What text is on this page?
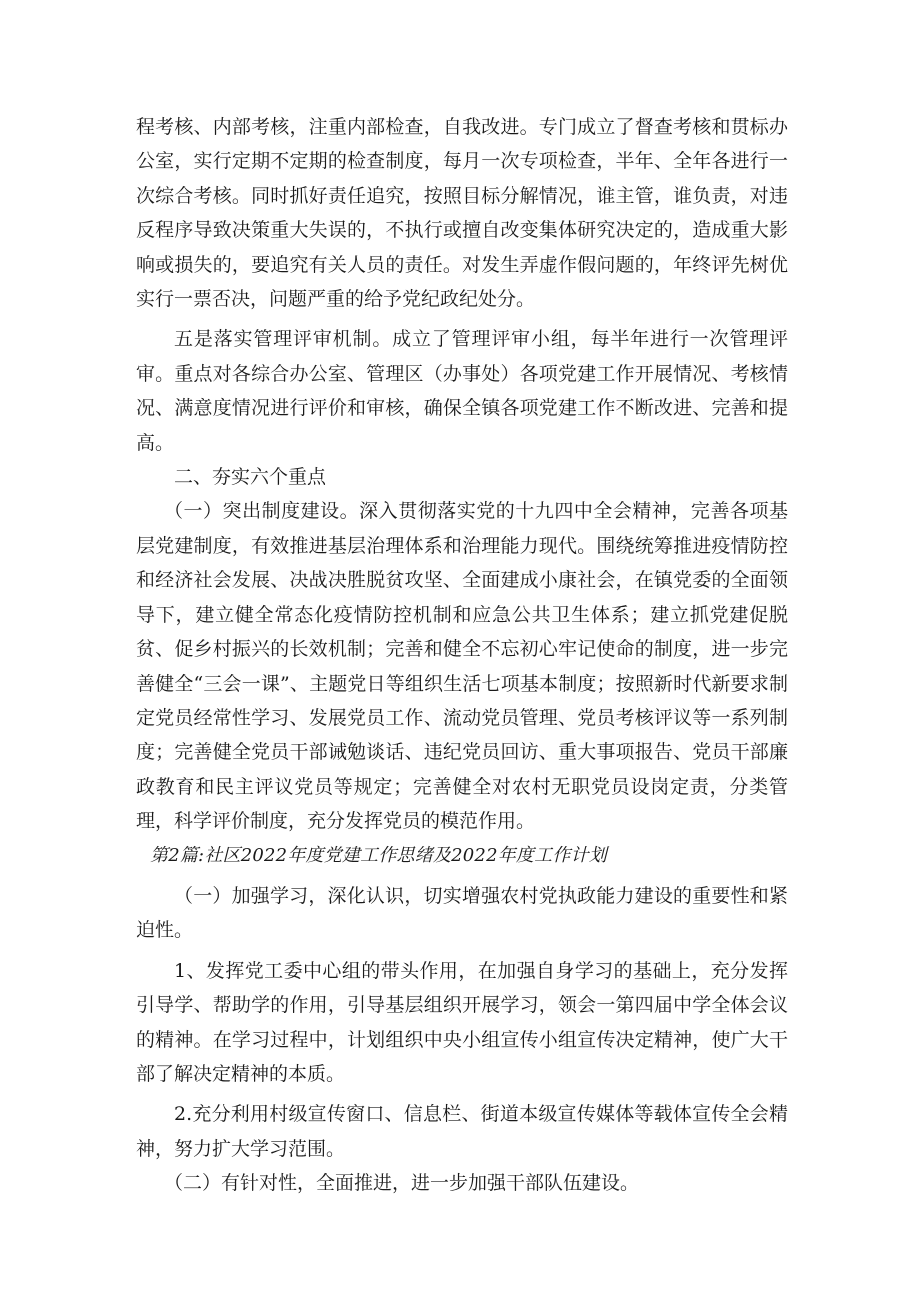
程考核、内部考核，注重内部检查，自我改进。专门成立了督查考核和贯标办公室，实行定期不定期的检查制度，每月一次专项检查，半年、全年各进行一次综合考核。同时抓好责任追究，按照目标分解情况，谁主管，谁负责，对违反程序导致决策重大失误的，不执行或擅自改变集体研究决定的，造成重大影响或损失的，要追究有关人员的责任。对发生弄虚作假问题的，年终评先树优实行一票否决，问题严重的给予党纪政纪处分。

五是落实管理评审机制。成立了管理评审小组，每半年进行一次管理评审。重点对各综合办公室、管理区（办事处）各项党建工作开展情况、考核情况、满意度情况进行评价和审核，确保全镇各项党建工作不断改进、完善和提高。

二、夯实六个重点

（一）突出制度建设。深入贯彻落实党的十九四中全会精神，完善各项基层党建制度，有效推进基层治理体系和治理能力现代。围绕统筹推进疫情防控和经济社会发展、决战决胜脱贫攻坚、全面建成小康社会，在镇党委的全面领导下，建立健全常态化疫情防控机制和应急公共卫生体系；建立抓党建促脱贫、促乡村振兴的长效机制；完善和健全不忘初心牢记使命的制度，进一步完善健全“三会一课”、主题党日等组织生活七项基本制度；按照新时代新要求制定党员经常性学习、发展党员工作、流动党员管理、党员考核评议等一系列制度；完善健全党员干部诫勉谈话、违纪党员回访、重大事项报告、党员干部廉政教育和民主评议党员等规定；完善健全对农村无职党员设岗定责，分类管理，科学评价制度，充分发挥党员的模范作用。

第2篇:社区2022年度党建工作思绪及2022年度工作计划

（一）加强学习，深化认识，切实增强农村党执政能力建设的重要性和紧迫性。

1、发挥党工委中心组的带头作用，在加强自身学习的基础上，充分发挥引导学、帮助学的作用，引导基层组织开展学习，领会一第四届中学全体会议的精神。在学习过程中，计划组织中央小组宣传小组宣传决定精神，使广大干部了解决定精神的本质。

2.充分利用村级宣传窗口、信息栏、街道本级宣传媒体等载体宣传全会精神，努力扩大学习范围。

（二）有针对性，全面推进，进一步加强干部队伍建设。
